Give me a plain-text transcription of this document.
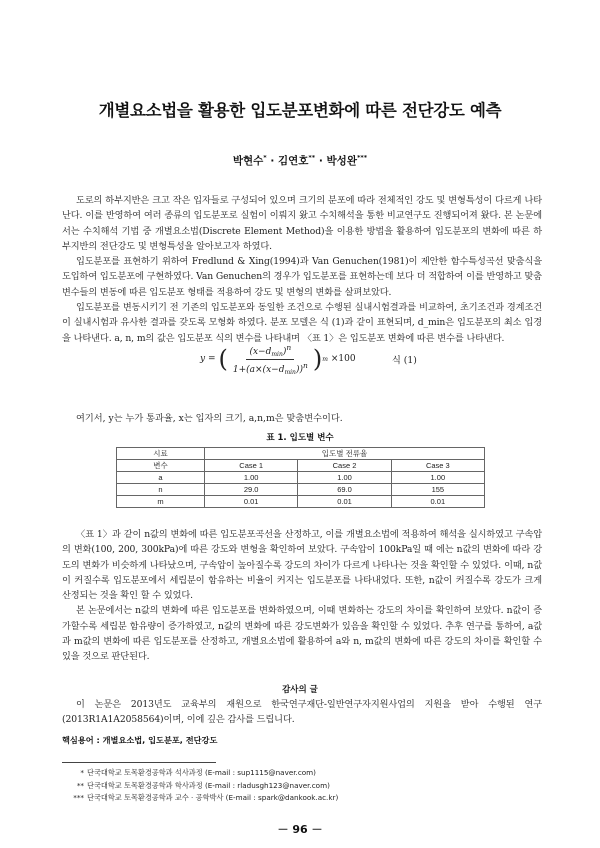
개별요소법을 활용한 입도분포변화에 따른 전단강도 예측
박현수* · 김연호** · 박성완***

도로의 하부지반은 크고 작은 입자들로 구성되어 있으며 크기의 분포에 따라 전체적인 강도 및 변형특성이 다르게 나타난다. 이를 반영하여 여러 종류의 입도분포로 실험이 이뤄지 왔고 수치해석을 통한 비교연구도 진행되어져 왔다. 본 논문에서는 수치해석 기법 중 개별요소법(Discrete Element Method)을 이용한 방법을 활용하여 입도분포의 변화에 따른 하부지반의 전단강도 및 변형특성을 알아보고자 하였다.

입도분포를 표현하기 위하여 Fredlund & Xing(1994)과 Van Genuchen(1981)이 제안한 함수특성곡선 맞춤식을 도입하여 입도분포에 구현하였다. Van Genuchen의 경우가 입도분포를 표현하는데 보다 더 적합하여 이를 반영하고 맞춤 변수들의 변동에 따른 입도분포 형태를 적용하여 강도 및 변형의 변화를 살펴보았다.

입도분포를 변동시키기 전 기존의 입도분포와 동일한 조건으로 수행된 실내시험결과를 비교하여, 초기조건과 경계조건이 실내시험과 유사한 결과를 갖도록 모형화 하였다. 분포 모델은 식 (1)과 같이 표현되며, d_min은 입도분포의 최소 입경을 나타낸다. a, n, m의 값은 입도분포 식의 변수를 나타내며 〈표 1〉은 입도분포 변화에 따른 변수를 나타낸다.

y = ( $\frac{(x-d_{min})^n}{1+(a\times(x-d_{min}))^n}$ ) m ×100	식 (1)
여기서, y는 누가 통과율, x는 입자의 크기, a,n,m은 맞춤변수이다.
표 1. 입도별 변수
시료	입도별 전류율		
변수	Case 1	Case 2	Case 3
a	1.00	1.00	1.00
n	29.0	69.0	155
m	0.01	0.01	0.01

〈표 1〉과 같이 n값의 변화에 따른 입도분포곡선을 산정하고, 이를 개별요소법에 적용하여 해석을 실시하였고 구속압의 변화(100, 200, 300kPa)에 따른 강도와 변형을 확인하여 보았다. 구속압이 100kPa일 때 에는 n값의 변화에 따라 강도의 변화가 비슷하게 나타났으며, 구속압이 높아질수록 강도의 차이가 다르게 나타나는 것을 확인할 수 있었다. 이때, n값이 커질수록 입도분포에서 세립분이 함유하는 비율이 커지는 입도분포를 나타내었다. 또한, n값이 커질수록 강도가 크게 산정되는 것을 확인 할 수 있었다.

본 논문에서는 n값의 변화에 따른 입도분포를 변화하였으며, 이때 변화하는 강도의 차이를 확인하여 보았다. n값이 증가할수록 세립분 함유량이 증가하였고, n값의 변화에 따른 강도변화가 있음을 확인할 수 있었다. 추후 연구를 통하여, a값과 m값의 변화에 따른 입도분포를 산정하고, 개별요소법에 활용하여 a와 n, m값의 변화에 따른 강도의 차이를 확인할 수 있을 것으로 판단된다.

감사의 글

이 논문은 2013년도 교육부의 재원으로 한국연구재단-일반연구자지원사업의 지원을 받아 수행된 연구(2013R1A1A2058564)이며, 이에 깊은 감사를 드립니다.

핵심용어 : 개별요소법, 입도분포, 전단강도
* 단국대학교 토목환경공학과 석사과정 (E-mail : sup1115@naver.com)
** 단국대학교 토목환경공학과 학사과정 (E-mail : rladusgh123@naver.com)
*** 단국대학교 토목환경공학과 교수 · 공학박사 (E-mail : spark@dankook.ac.kr)
－ 96 －
